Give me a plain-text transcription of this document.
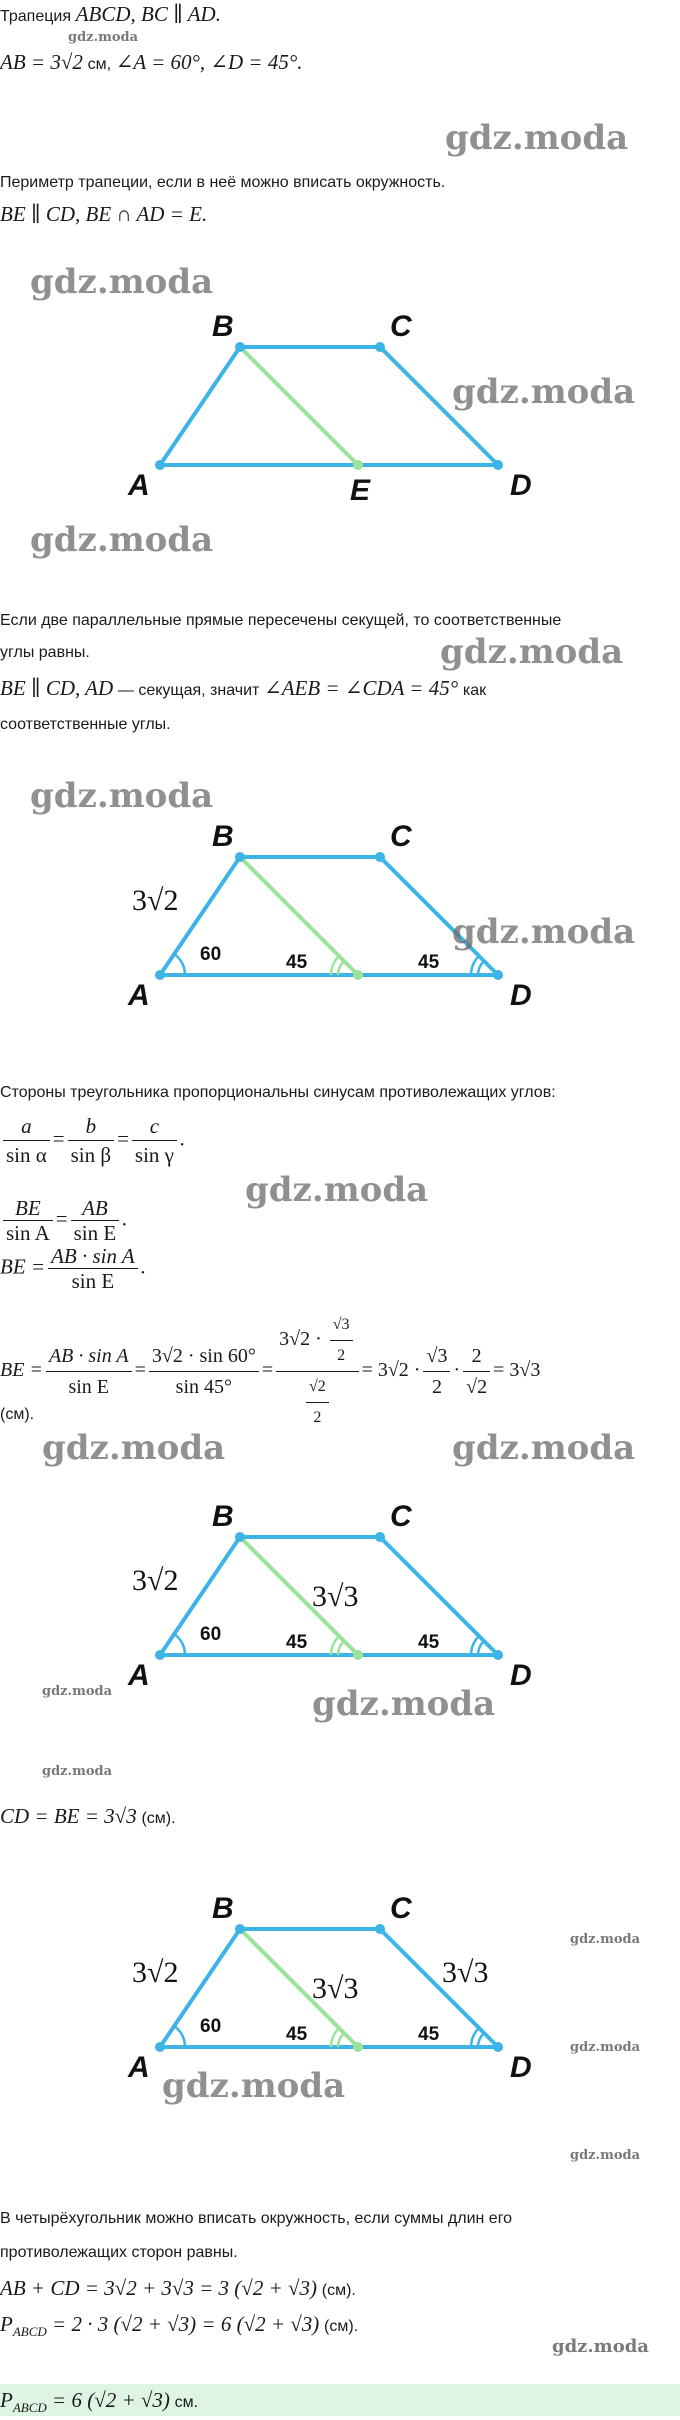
Трапеция ABCD, BC ∥ AD.
gdz.moda
AB = 3√2 см, ∠A = 60°, ∠D = 45°.
gdz.moda
Периметр трапеции, если в неё можно вписать окружность.
BE ∥ CD, BE ∩ AD = E.
B	C
A	E	D
gdz.moda
gdz.moda
gdz.moda
Если две параллельные прямые пересечены секущей, то соответственные
gdz.moda
углы равны.
BE ∥ CD, AD — секущая, значит ∠AEB = ∠CDA = 45° как
соответственные углы.
gdz.moda
B	C
A	D
3√2
60	45	45
gdz.moda
Стороны треугольника пропорциональны синусам противолежащих углов:
$\frac{a}{\text{sin α}} = \frac{b}{\text{sin β}} = \frac{c}{\text{sin γ}}$ .
gdz.moda
$\frac{BE}{\text{sin A}} = \frac{AB}{\text{sin E}}$ .
BE = $\frac{\text{AB · sin A}}{\text{sin E}}$ .
BE = $\frac{\text{AB · sin A}}{\text{sin E}} = \frac{3√2 \cdot \sin 60^\circ}{\sin 45^\circ} = \frac{3√2 \cdot \frac{√3}{2}}{\frac{√2}{2}} = 3√2 \cdot \frac{√3}{2} \cdot \frac{2}{√2} = 3√3$
(см).
gdz.moda	gdz.moda
B	C
A	D
3√2	3√3
60	45	45
gdz.moda	gdz.moda
gdz.moda
CD = BE = 3√3 (см).
B	C
A	D
3√2	3√3	3√3
60	45	45
gdz.moda
gdz.moda
gdz.moda
gdz.moda
В четырёхугольник можно вписать окружность, если суммы длин его
противолежащих сторон равны.
AB + CD = 3√2 + 3√3 = 3 (√2 + √3) (см).
$P_{ABCD} = 2 \cdot 3$ (√2 + √3) = 6 (√2 + √3) (см).
gdz.moda
$P_{ABCD} = 6$ (√2 + √3) см.
